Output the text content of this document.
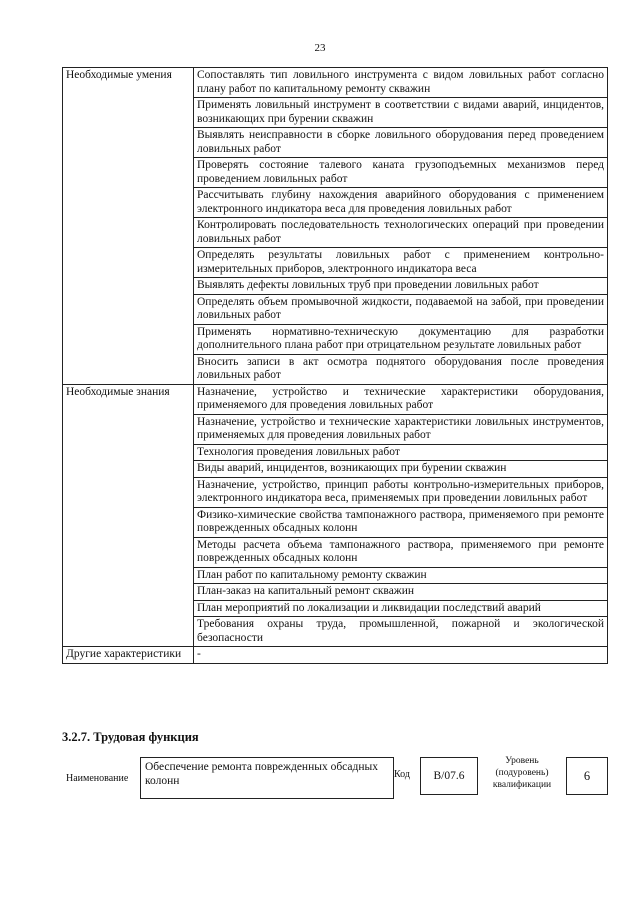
23
Необходимые умения	Сопоставлять тип ловильного инструмента с видом ловильных работ согласно плану работ по капитальному ремонту скважин
	Применять ловильный инструмент в соответствии с видами аварий, инцидентов, возникающих при бурении скважин
	Выявлять неисправности в сборке ловильного оборудования перед проведением ловильных работ
	Проверять состояние талевого каната грузоподъемных механизмов перед проведением ловильных работ
	Рассчитывать глубину нахождения аварийного оборудования с применением электронного индикатора веса для проведения ловильных работ
	Контролировать последовательность технологических операций при проведении ловильных работ
	Определять результаты ловильных работ с применением контрольно-измерительных приборов, электронного индикатора веса
	Выявлять дефекты ловильных труб при проведении ловильных работ
	Определять объем промывочной жидкости, подаваемой на забой, при проведении ловильных работ
	Применять нормативно-техническую документацию для разработки дополнительного плана работ при отрицательном результате ловильных работ
	Вносить записи в акт осмотра поднятого оборудования после проведения ловильных работ
Необходимые знания	Назначение, устройство и технические характеристики оборудования, применяемого для проведения ловильных работ
	Назначение, устройство и технические характеристики ловильных инструментов, применяемых для проведения ловильных работ
	Технология проведения ловильных работ
	Виды аварий, инцидентов, возникающих при бурении скважин
	Назначение, устройство, принцип работы контрольно-измерительных приборов, электронного индикатора веса, применяемых при проведении ловильных работ
	Физико-химические свойства тампонажного раствора, применяемого при ремонте поврежденных обсадных колонн
	Методы расчета объема тампонажного раствора, применяемого при ремонте поврежденных обсадных колонн
	План работ по капитальному ремонту скважин
	План-заказ на капитальный ремонт скважин
	План мероприятий по локализации и ликвидации последствий аварий
	Требования охраны труда, промышленной, пожарной и экологической безопасности
Другие характеристики	-
3.2.7. Трудовая функция
Наименование
Обеспечение ремонта поврежденных обсадных колонн
Код	B/07.6
Уровень (подуровень) квалификации
6
